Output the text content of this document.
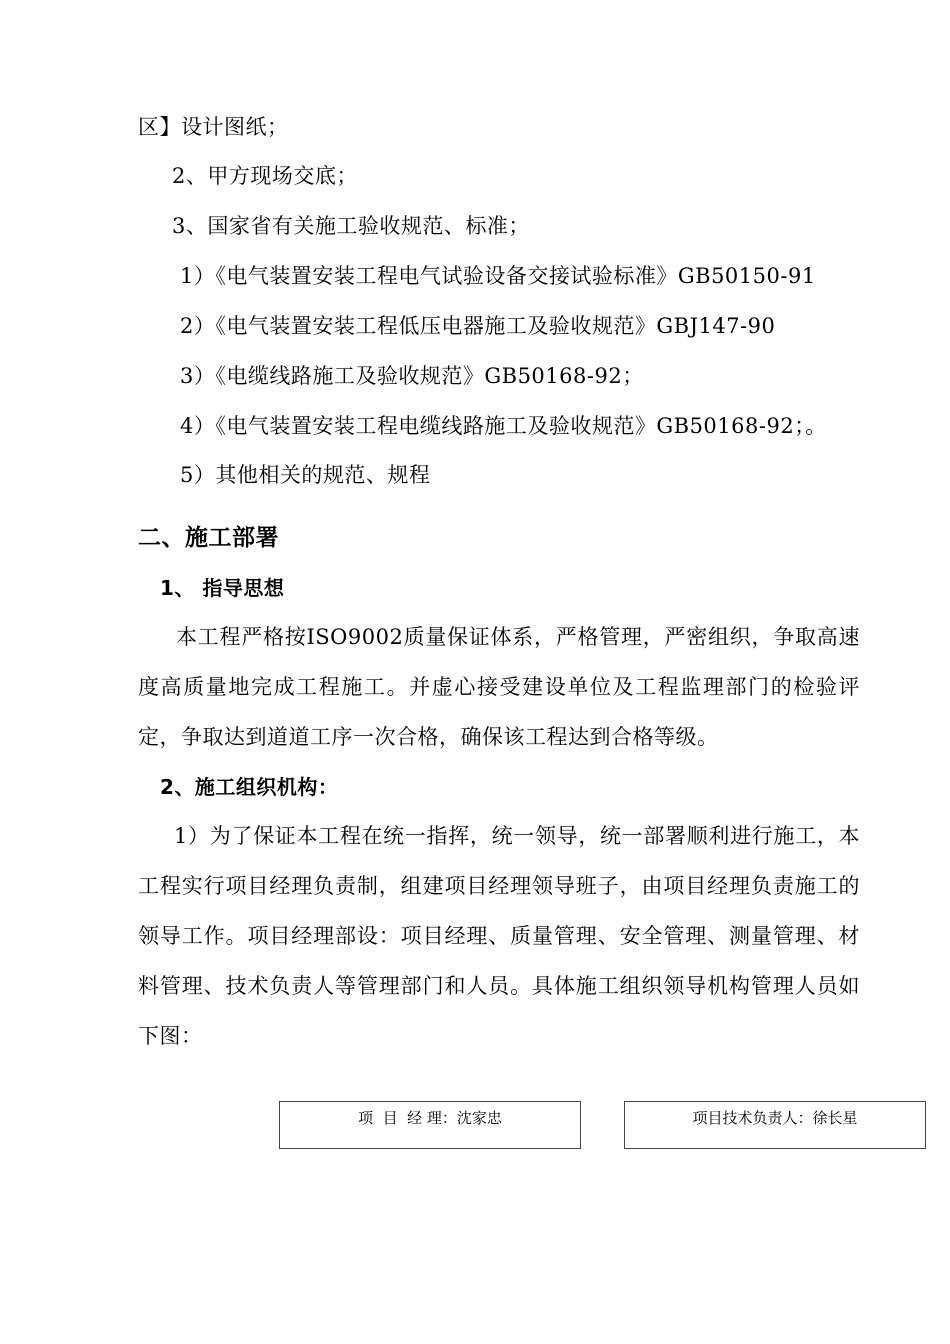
区】设计图纸；
2、甲方现场交底；
3、国家省有关施工验收规范、标准；
1）《电气装置安装工程电气试验设备交接试验标准》GB50150-91
2）《电气装置安装工程低压电器施工及验收规范》GBJ147-90
3）《电缆线路施工及验收规范》GB50168-92；
4）《电气装置安装工程电缆线路施工及验收规范》GB50168-92；。
5）其他相关的规范、规程
二、施工部署
1、 指导思想
本工程严格按ISO9002质量保证体系，严格管理，严密组织，争取高速度高质量地完成工程施工。并虚心接受建设单位及工程监理部门的检验评定，争取达到道道工序一次合格，确保该工程达到合格等级。
2、施工组织机构：
1）为了保证本工程在统一指挥，统一领导，统一部署顺利进行施工，本工程实行项目经理负责制，组建项目经理领导班子，由项目经理负责施工的领导工作。项目经理部设：项目经理、质量管理、安全管理、测量管理、材料管理、技术负责人等管理部门和人员。具体施工组织领导机构管理人员如下图：
项  目  经 理：沈家忠	项目技术负责人：徐长星
